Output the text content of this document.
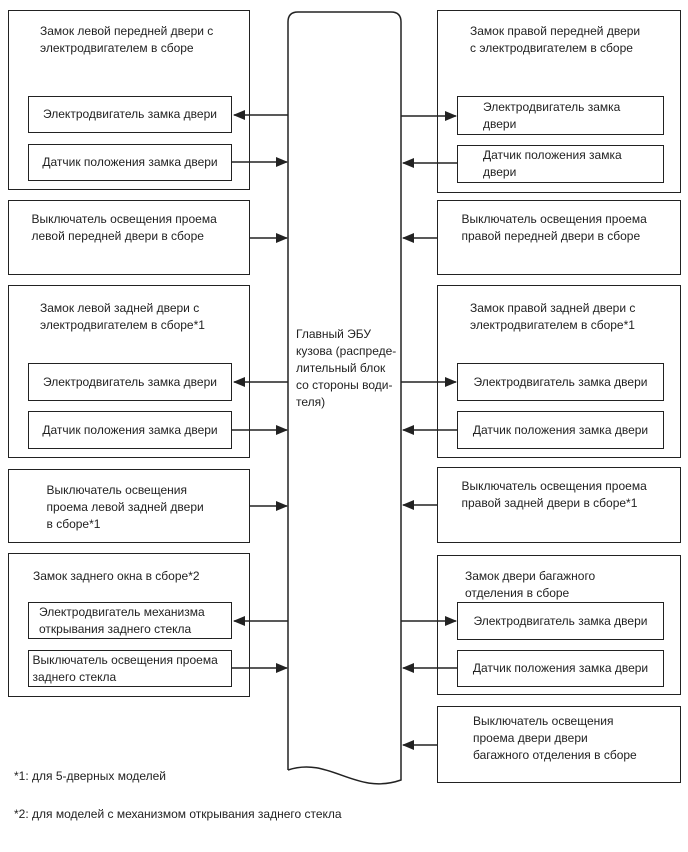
Замок левой передней двери с электродвигателем в сборе
Электродвигатель замка двери
Датчик положения замка двери
Выключатель освещения проема левой передней двери в сборе
Замок левой задней двери с электродвигателем в сборе*1
Электродвигатель замка двери
Датчик положения замка двери
Выключатель освещения проема левой задней двери в сборе*1
Замок заднего окна в сборе*2
Электродвигатель механизма открывания заднего стекла
Выключатель освещения проема заднего стекла
Замок правой передней двери с электродвигателем в сборе
Электродвигатель замка двери
Датчик положения замка двери
Выключатель освещения проема правой передней двери в сборе
Замок правой задней двери с электродвигателем в сборе*1
Электродвигатель замка двери
Датчик положения замка двери
Выключатель освещения проема правой задней двери в сборе*1
Замок двери багажного отделения в сборе
Электродвигатель замка двери
Датчик положения замка двери
Выключатель освещения проема двери двери багажного отделения в сборе
Главный ЭБУ
кузова (распреде-
лительный блок
со стороны води-
теля)
*1: для 5-дверных моделей
*2: для моделей с механизмом открывания заднего стекла
